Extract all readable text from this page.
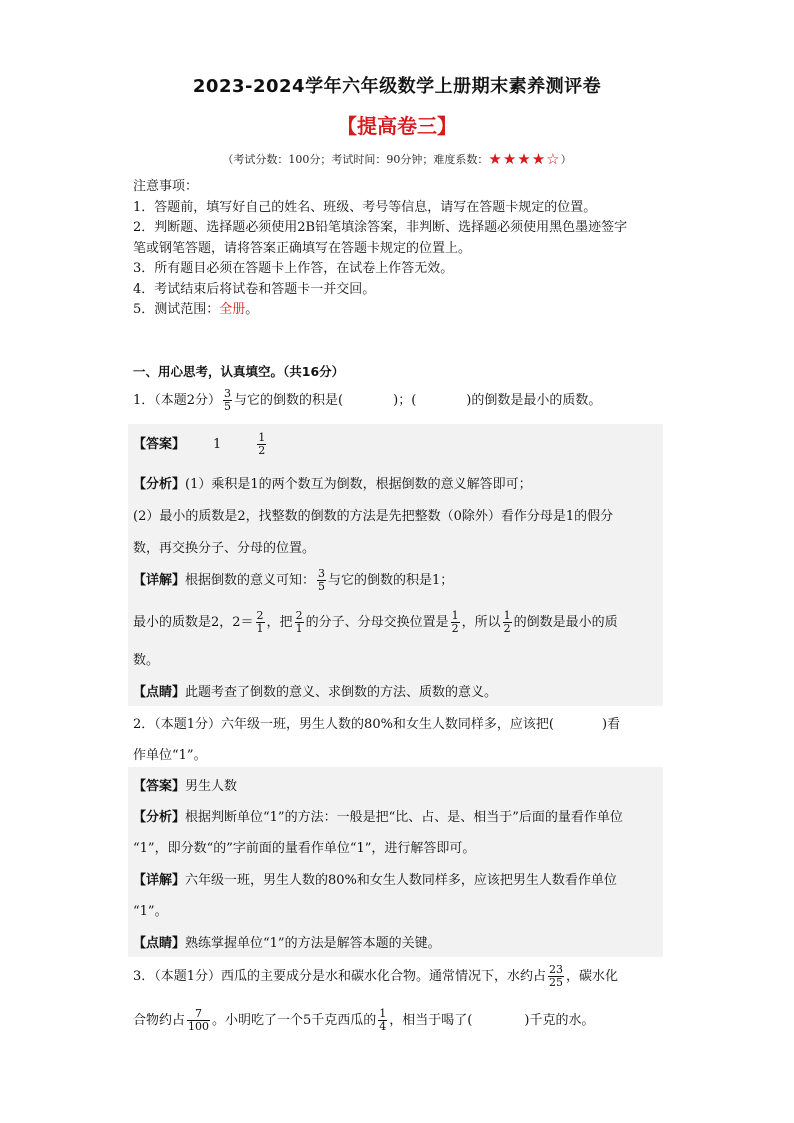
2023-2024学年六年级数学上册期末素养测评卷
【提高卷三】
（考试分数：100分；考试时间：90分钟；难度系数：★★★★☆）
注意事项：
1．答题前，填写好自己的姓名、班级、考号等信息，请写在答题卡规定的位置。
2．判断题、选择题必须使用2B铅笔填涂答案，非判断、选择题必须使用黑色墨迹签字
笔或钢笔答题，请将答案正确填写在答题卡规定的位置上。
3．所有题目必须在答题卡上作答，在试卷上作答无效。
4．考试结束后将试卷和答题卡一并交回。
5．测试范围：全册。
一、用心思考，认真填空。（共16分）
1．（本题2分） $\frac{3}{5}$ 与它的倒数的积是(	)；(	)的倒数是最小的质数。
【答案】 1	$\frac{1}{2}$
【分析】(1）乘积是1的两个数互为倒数，根据倒数的意义解答即可；
(2）最小的质数是2，找整数的倒数的方法是先把整数（0除外）看作分母是1的假分
数，再交换分子、分母的位置。
【详解】根据倒数的意义可知： $\frac{3}{5}$ 与它的倒数的积是1；
最小的质数是2，$2= \frac{2}{1}$ ，把 $\frac{2}{1}$ 的分子、分母交换位置是 $\frac{1}{2}$ ，所以 $\frac{1}{2}$ 的倒数是最小的质
数。
【点睛】此题考查了倒数的意义、求倒数的方法、质数的意义。
2．（本题1分）六年级一班，男生人数的80%和女生人数同样多，应该把(	)看
作单位“1”。
【答案】男生人数
【分析】根据判断单位“1”的方法：一般是把“比、占、是、相当于”后面的量看作单位
“1”，即分数“的”字前面的量看作单位“1”，进行解答即可。
【详解】六年级一班，男生人数的80%和女生人数同样多，应该把男生人数看作单位
“1”。
【点睛】熟练掌握单位“1”的方法是解答本题的关键。
3．（本题1分）西瓜的主要成分是水和碳水化合物。通常情况下，水约占 $\frac{23}{25}$ ，碳水化
合物约占 $\frac{7}{100}$ 。小明吃了一个5千克西瓜的 $\frac{1}{4}$ ，相当于喝了(	)千克的水。
